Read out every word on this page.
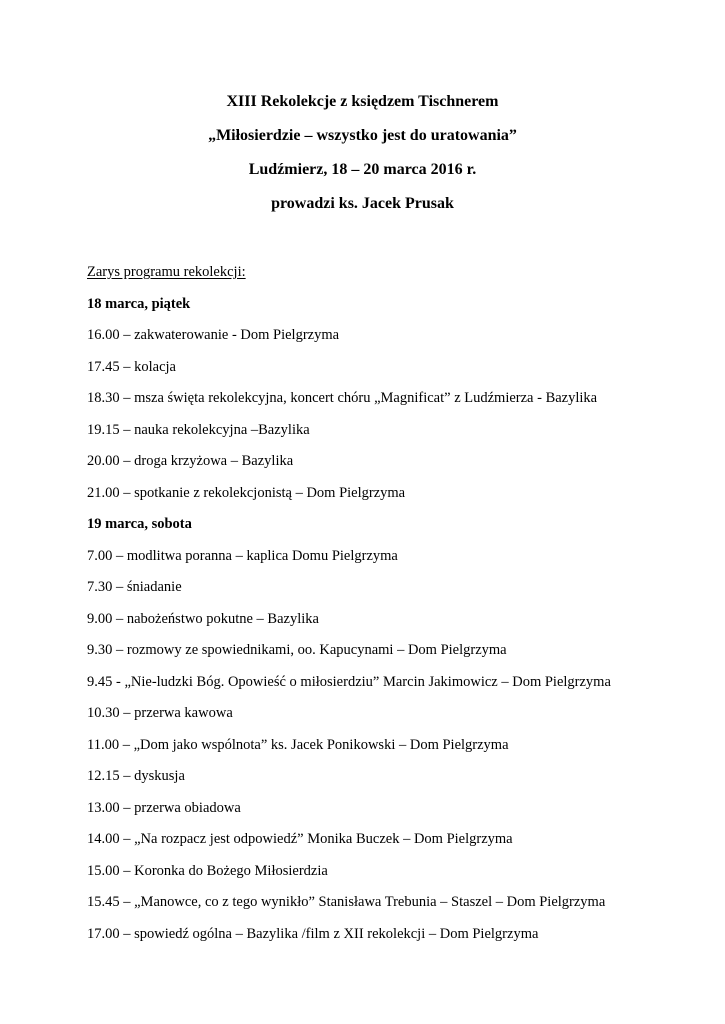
XIII Rekolekcje z księdzem Tischnerem
„Miłosierdzie – wszystko jest do uratowania”
Ludźmierz, 18 – 20 marca 2016 r.
prowadzi ks. Jacek Prusak
Zarys programu rekolekcji:
18 marca, piątek
16.00 – zakwaterowanie - Dom Pielgrzyma
17.45 – kolacja
18.30 – msza święta rekolekcyjna, koncert chóru „Magnificat” z Ludźmierza - Bazylika
19.15 – nauka rekolekcyjna –Bazylika
20.00 – droga krzyżowa – Bazylika
21.00 – spotkanie z rekolekcjonistą – Dom Pielgrzyma
19 marca, sobota
7.00 – modlitwa poranna – kaplica Domu Pielgrzyma
7.30 – śniadanie
9.00 – nabożeństwo pokutne – Bazylika
9.30 – rozmowy ze spowiednikami, oo. Kapucynami – Dom Pielgrzyma
9.45 - „Nie-ludzki Bóg. Opowieść o miłosierdziu” Marcin Jakimowicz – Dom Pielgrzyma
10.30 – przerwa kawowa
11.00 – „Dom jako wspólnota” ks. Jacek Ponikowski – Dom Pielgrzyma
12.15 – dyskusja
13.00 – przerwa obiadowa
14.00 – „Na rozpacz jest odpowiedź” Monika Buczek – Dom Pielgrzyma
15.00 – Koronka do Bożego Miłosierdzia
15.45 – „Manowce, co z tego wynikło” Stanisława Trebunia – Staszel – Dom Pielgrzyma
17.00 – spowiedź ogólna – Bazylika /film z XII rekolekcji – Dom Pielgrzyma
